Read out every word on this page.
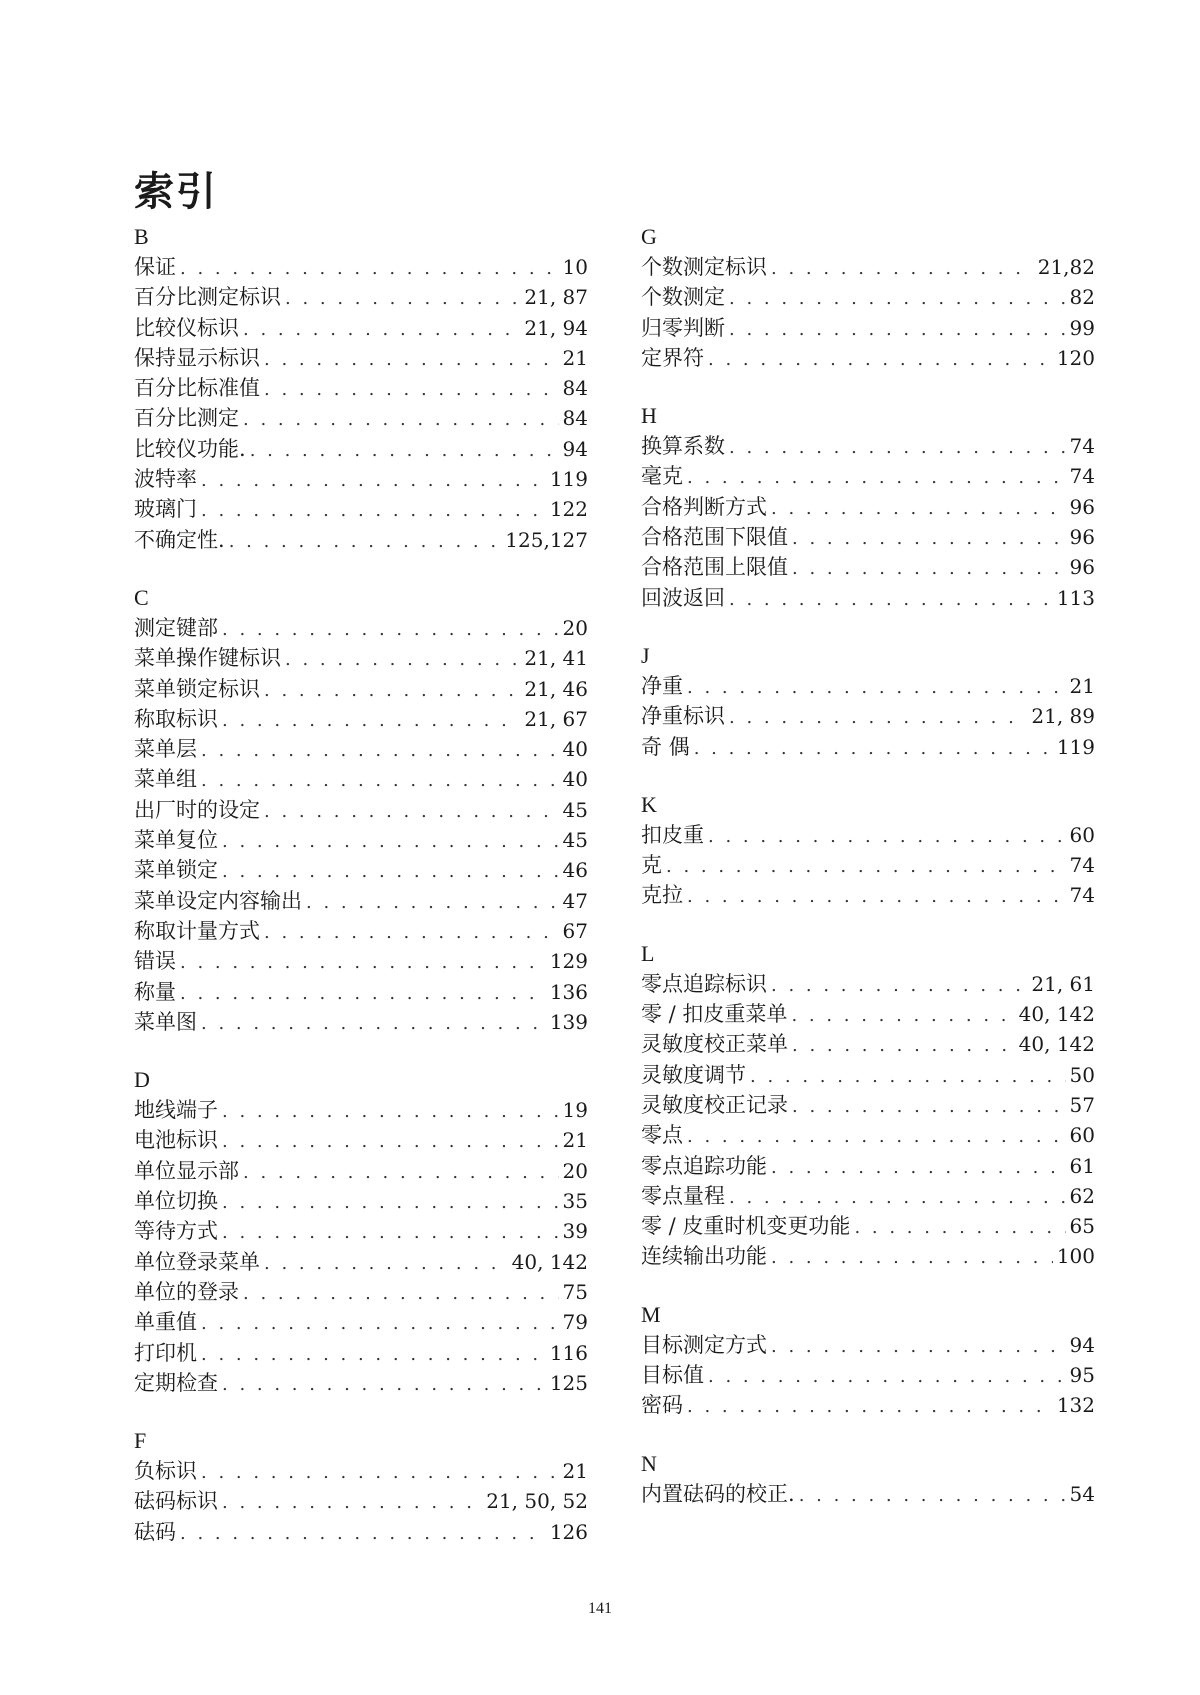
索引
B
保证 . . .	10
百分比测定标识 . . .	21, 87
比较仪标识 . . .	21, 94
保持显示标识 . . .	21
百分比标准值 . . .	84
百分比测定 . . .	84
比较仪功能. . . .	94
波特率 . . .	119
玻璃门 . . .	122
不确定性. . . .	125,127
C
测定键部 . . .	20
菜单操作键标识 . . .	21, 41
菜单锁定标识 . . .	21, 46
称取标识 . . .	21, 67
菜单层 . . .	40
菜单组 . . .	40
出厂时的设定 . . .	45
菜单复位 . . .	45
菜单锁定 . . .	46
菜单设定内容输出 . . .	47
称取计量方式 . . .	67
错误 . . .	129
称量 . . .	136
菜单图 . . .	139
D
地线端子 . . .	19
电池标识 . . .	21
单位显示部 . . .	20
单位切换 . . .	35
等待方式 . . .	39
单位登录菜单 . . .	40, 142
单位的登录 . . .	75
单重值 . . .	79
打印机 . . .	116
定期检查 . . .	125
F
负标识 . . .	21
砝码标识 . . .	21, 50, 52
砝码 . . .	126
G
个数测定标识 . . .	21,82
个数测定 . . .	82
归零判断 . . .	99
定界符 . . .	120
H
换算系数 . . .	74
毫克 . . .	74
合格判断方式 . . .	96
合格范围下限值 . . .	96
合格范围上限值 . . .	96
回波返回 . . .	113
J
净重 . . .	21
净重标识 . . .	21, 89
奇 偶 . . .	119
K
扣皮重 . . .	60
克 . . .	74
克拉 . . .	74
L
零点追踪标识 . . .	21, 61
零 / 扣皮重菜单 . . .	40, 142
灵敏度校正菜单 . . .	40, 142
灵敏度调节 . . .	50
灵敏度校正记录 . . .	57
零点 . . .	60
零点追踪功能 . . .	61
零点量程 . . .	62
零 / 皮重时机变更功能 . . .	65
连续输出功能 . . .	100
M
目标测定方式 . . .	94
目标值 . . .	95
密码 . . .	132
N
内置砝码的校正. . . .	54
141
